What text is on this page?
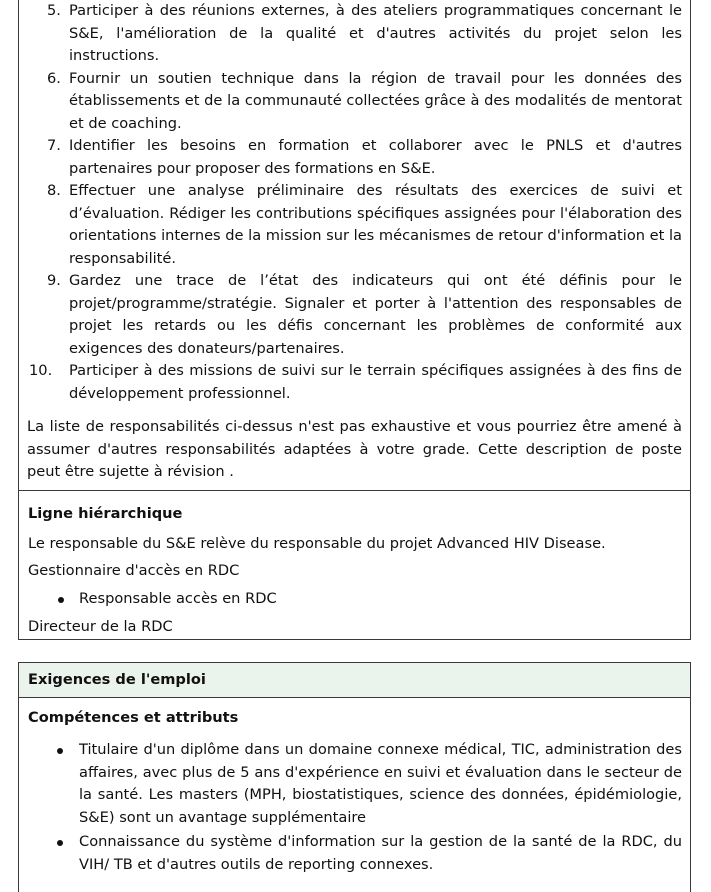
5. Participer à des réunions externes, à des ateliers programmatiques concernant le S&E, l'amélioration de la qualité et d'autres activités du projet selon les instructions.
6. Fournir un soutien technique dans la région de travail pour les données des établissements et de la communauté collectées grâce à des modalités de mentorat et de coaching.
7. Identifier les besoins en formation et collaborer avec le PNLS et d'autres partenaires pour proposer des formations en S&E.
8. Effectuer une analyse préliminaire des résultats des exercices de suivi et d’évaluation. Rédiger les contributions spécifiques assignées pour l'élaboration des orientations internes de la mission sur les mécanismes de retour d'information et la responsabilité.
9. Gardez une trace de l’état des indicateurs qui ont été définis pour le projet/programme/stratégie. Signaler et porter à l'attention des responsables de projet les retards ou les défis concernant les problèmes de conformité aux exigences des donateurs/partenaires.
10. Participer à des missions de suivi sur le terrain spécifiques assignées à des fins de développement professionnel.
La liste de responsabilités ci-dessus n'est pas exhaustive et vous pourriez être amené à assumer d'autres responsabilités adaptées à votre grade. Cette description de poste peut être sujette à révision .
Ligne hiérarchique
Le responsable du S&E relève du responsable du projet Advanced HIV Disease.
Gestionnaire d'accès en RDC
Responsable accès en RDC
Directeur de la RDC
Exigences de l'emploi
Compétences et attributs
Titulaire d'un diplôme dans un domaine connexe médical, TIC, administration des affaires, avec plus de 5 ans d'expérience en suivi et évaluation dans le secteur de la santé. Les masters (MPH, biostatistiques, science des données, épidémiologie, S&E) sont un avantage supplémentaire
Connaissance du système d'information sur la gestion de la santé de la RDC, du VIH/ TB et d'autres outils de reporting connexes.
